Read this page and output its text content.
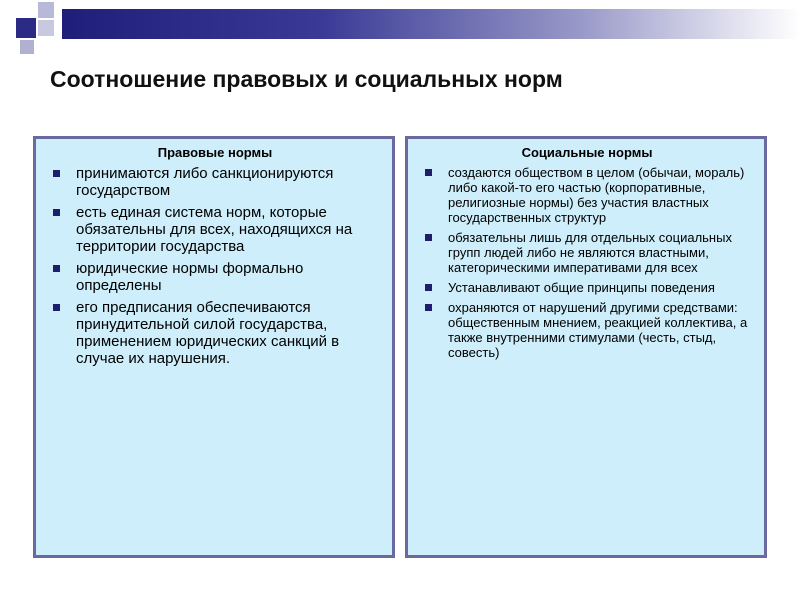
Соотношение правовых и социальных норм
Правовые нормы
принимаются либо санкционируются государством
есть единая система норм, которые обязательны для всех, находящихся на территории государства
юридические нормы формально определены
его предписания обеспечиваются принудительной силой государства, применением юридических санкций в случае их нарушения.
Социальные нормы
создаются обществом в целом (обычаи, мораль) либо какой-то его частью (корпоративные, религиозные нормы) без участия властных государственных структур
обязательны лишь для отдельных социальных групп людей либо не являются властными, категорическими императивами для всех
Устанавливают общие принципы поведения
охраняются от нарушений другими средствами: общественным мнением, реакцией коллектива, а также внутренними стимулами (честь, стыд, совесть)
